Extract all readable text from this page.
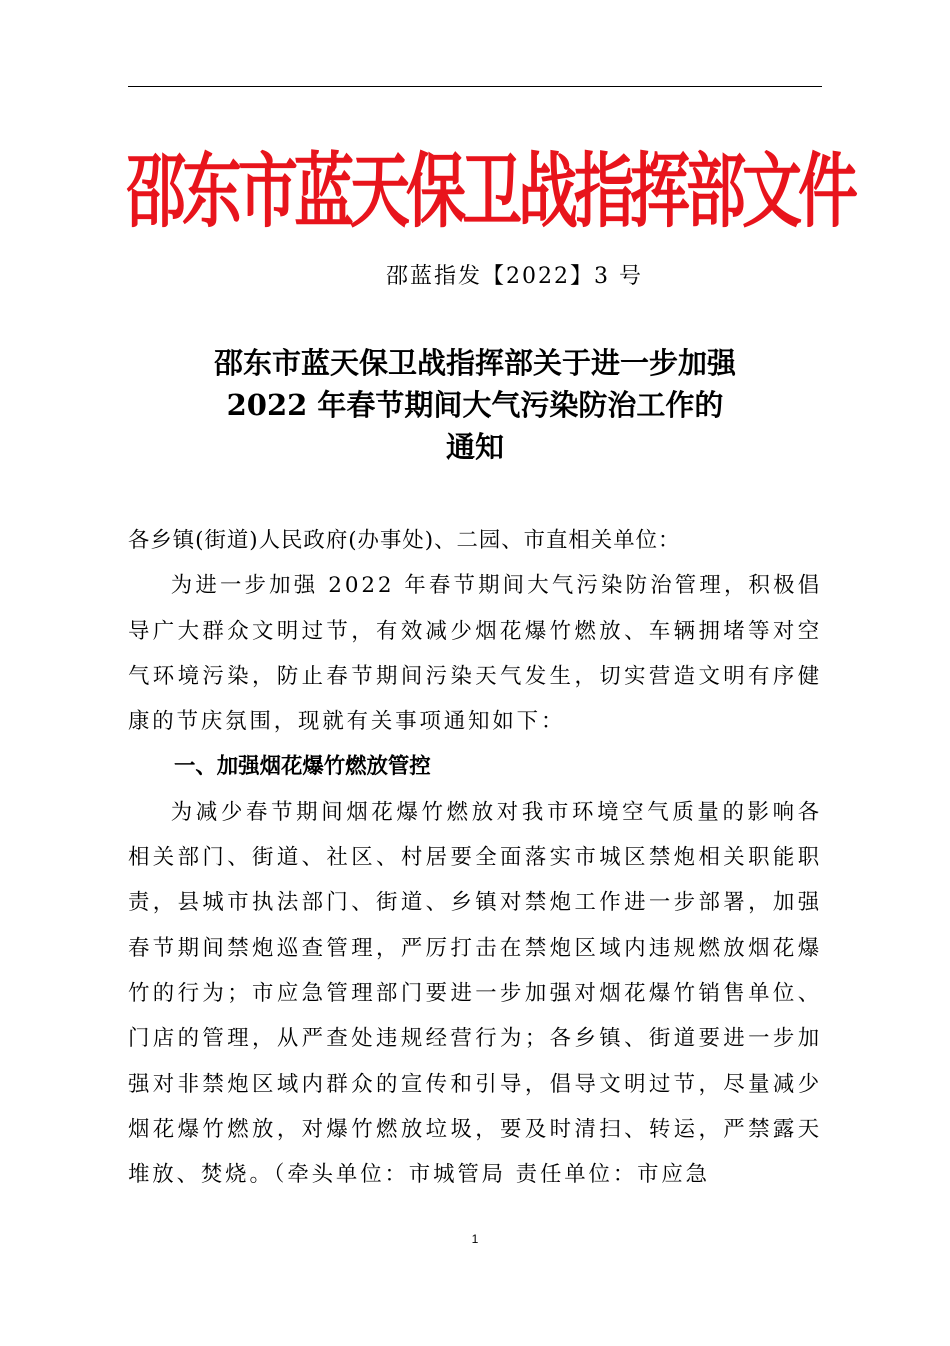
邵东市蓝天保卫战指挥部文件
邵蓝指发【2022】3 号
邵东市蓝天保卫战指挥部关于进一步加强
2022 年春节期间大气污染防治工作的
通知

各乡镇(街道)人民政府(办事处)、二园、市直相关单位：

为进一步加强 2022 年春节期间大气污染防治管理，积极倡导广大群众文明过节，有效减少烟花爆竹燃放、车辆拥堵等对空气环境污染，防止春节期间污染天气发生，切实营造文明有序健康的节庆氛围，现就有关事项通知如下：

一、加强烟花爆竹燃放管控

为减少春节期间烟花爆竹燃放对我市环境空气质量的影响各相关部门、街道、社区、村居要全面落实市城区禁炮相关职能职责，县城市执法部门、街道、乡镇对禁炮工作进一步部署，加强春节期间禁炮巡查管理，严厉打击在禁炮区域内违规燃放烟花爆竹的行为；市应急管理部门要进一步加强对烟花爆竹销售单位、门店的管理，从严查处违规经营行为；各乡镇、街道要进一步加强对非禁炮区域内群众的宣传和引导，倡导文明过节，尽量减少烟花爆竹燃放，对爆竹燃放垃圾，要及时清扫、转运，严禁露天堆放、焚烧。（牵头单位：市城管局 责任单位：市应急

1
